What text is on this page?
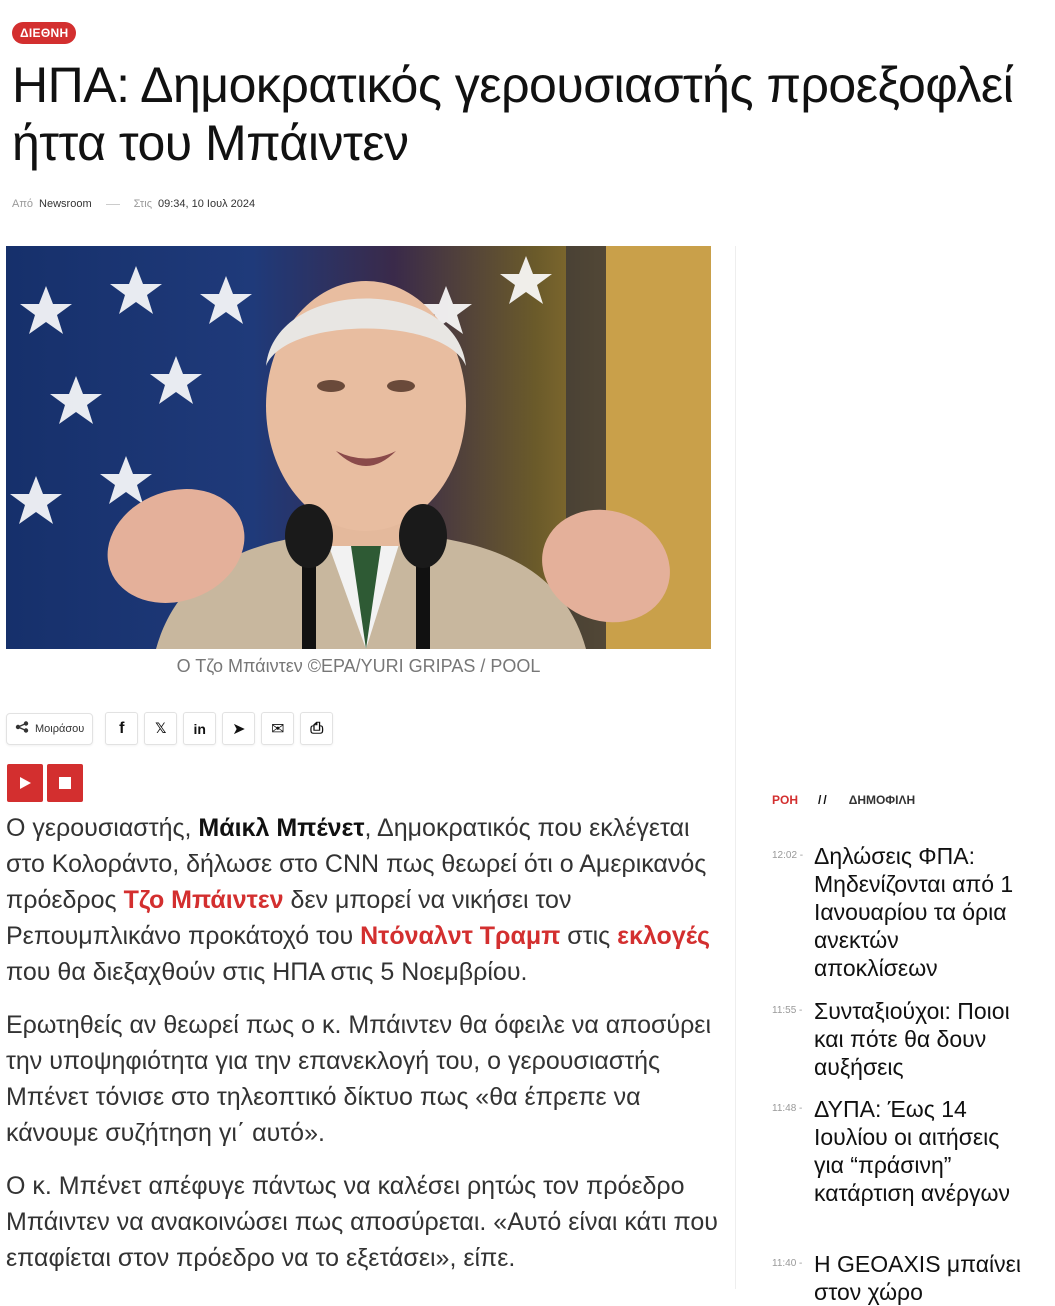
ΔΙΕΘΝΗ
ΗΠΑ: Δημοκρατικός γερουσιαστής προεξοφλεί ήττα του Μπάιντεν
Από Newsroom	Στις 09:34, 10 Ιουλ 2024
Ο Τζο Μπάιντεν ©EPA/YURI GRIPAS / POOL
Μοιράσου f 𝕏 in ➤ ✉ ⎙

Ο γερουσιαστής, Μάικλ Μπένετ, Δημοκρατικός που εκλέγεται στο Κολοράντο, δήλωσε στο CNN πως θεωρεί ότι ο Αμερικανός πρόεδρος Τζο Μπάιντεν δεν μπορεί να νικήσει τον Ρεπουμπλικάνο προκάτοχό του Ντόναλντ Τραμπ στις εκλογές που θα διεξαχθούν στις ΗΠΑ στις 5 Νοεμβρίου.

Ερωτηθείς αν θεωρεί πως ο κ. Μπάιντεν θα όφειλε να αποσύρει την υποψηφιότητα για την επανεκλογή του, ο γερουσιαστής Μπένετ τόνισε στο τηλεοπτικό δίκτυο πως «θα έπρεπε να κάνουμε συζήτηση γι΄ αυτό».

Ο κ. Μπένετ απέφυγε πάντως να καλέσει ρητώς τον πρόεδρο Μπάιντεν να ανακοινώσει πως αποσύρεται. «Αυτό είναι κάτι που επαφίεται στον πρόεδρο να το εξετάσει», είπε.

ΡΟΗ // ΔΗΜΟΦΙΛΗ
12:02 - Δηλώσεις ΦΠΑ: Μηδενίζονται από 1 Ιανουαρίου τα όρια ανεκτών αποκλίσεων
11:55 - Συνταξιούχοι: Ποιοι και πότε θα δουν αυξήσεις
11:48 - ΔΥΠΑ: Έως 14 Ιουλίου οι αιτήσεις για “πράσινη” κατάρτιση ανέργων
11:40 - Η GEOAXIS μπαίνει στον χώρο
